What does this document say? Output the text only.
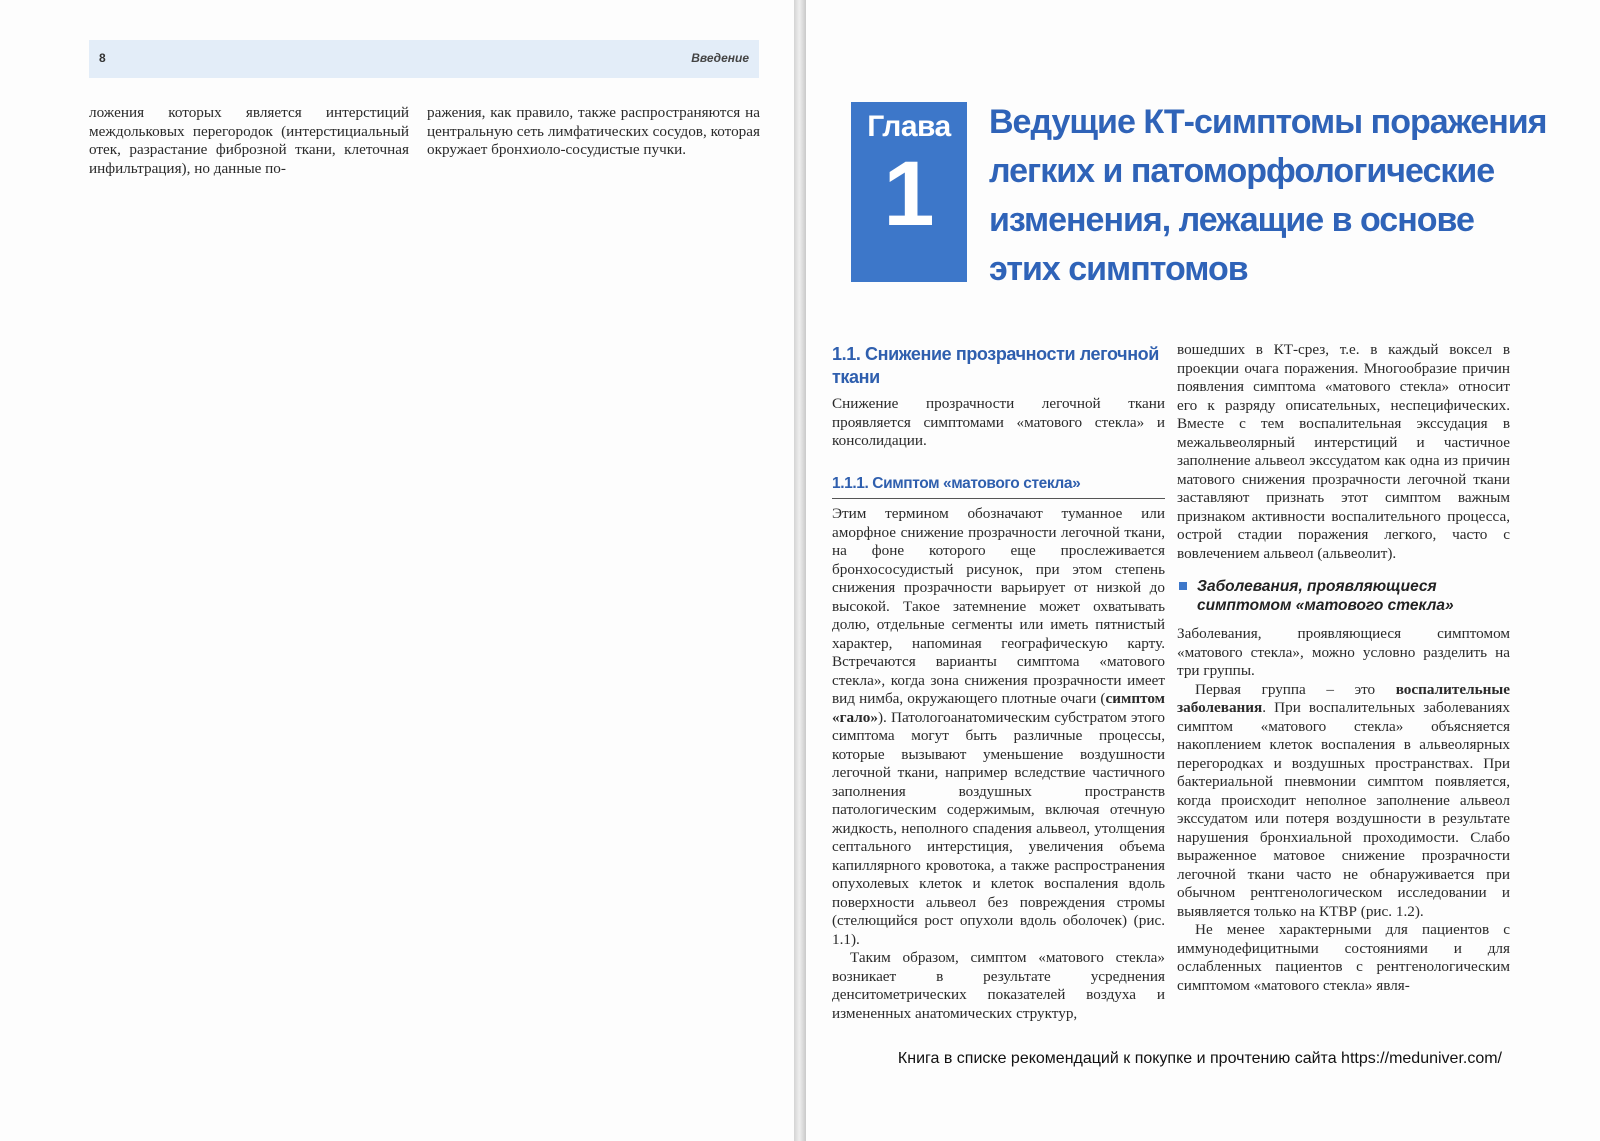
8	Введение

ложения которых является интерстиций междольковых перегородок (интерстициальный отек, разрастание фиброзной ткани, клеточная инфильтрация), но данные по-

ражения, как правило, также распространяются на центральную сеть лимфатических сосудов, которая окружает бронхиоло-сосудистые пучки.

Глава
1
Ведущие КТ-симптомы поражения легких и патоморфологические изменения, лежащие в основе этих симптомов
1.1. Снижение прозрачности легочной ткани

Снижение прозрачности легочной ткани проявляется симптомами «матового стекла» и консолидации.

1.1.1. Симптом «матового стекла»

Этим термином обозначают туманное или аморфное снижение прозрачности легочной ткани, на фоне которого еще прослеживается бронхососудистый рисунок, при этом степень снижения прозрачности варьирует от низкой до высокой. Такое затемнение может охватывать долю, отдельные сегменты или иметь пятнистый характер, напоминая географическую карту. Встречаются варианты симптома «матового стекла», когда зона снижения прозрачности имеет вид нимба, окружающего плотные очаги (симптом «гало»). Патологоанатомическим субстратом этого симптома могут быть различные процессы, которые вызывают уменьшение воздушности легочной ткани, например вследствие частичного заполнения воздушных пространств патологическим содержимым, включая отечную жидкость, неполного спадения альвеол, утолщения септального интерстиция, увеличения объема капиллярного кровотока, а также распространения опухолевых клеток и клеток воспаления вдоль поверхности альвеол без повреждения стромы (стелющийся рост опухоли вдоль оболочек) (рис. 1.1).

Таким образом, симптом «матового стекла» возникает в результате усреднения денситометрических показателей воздуха и измененных анатомических структур,

вошедших в КТ-срез, т.е. в каждый воксел в проекции очага поражения. Многообразие причин появления симптома «матового стекла» относит его к разряду описательных, неспецифических. Вместе с тем воспалительная экссудация в межальвеолярный интерстиций и частичное заполнение альвеол экссудатом как одна из причин матового снижения прозрачности легочной ткани заставляют признать этот симптом важным признаком активности воспалительного процесса, острой стадии поражения легкого, часто с вовлечением альвеол (альвеолит).

Заболевания, проявляющиеся симптомом «матового стекла»

Заболевания, проявляющиеся симптомом «матового стекла», можно условно разделить на три группы.

Первая группа – это воспалительные заболевания. При воспалительных заболеваниях симптом «матового стекла» объясняется накоплением клеток воспаления в альвеолярных перегородках и воздушных пространствах. При бактериальной пневмонии симптом появляется, когда происходит неполное заполнение альвеол экссудатом или потеря воздушности в результате нарушения бронхиальной проходимости. Слабо выраженное матовое снижение прозрачности легочной ткани часто не обнаруживается при обычном рентгенологическом исследовании и выявляется только на КТВР (рис. 1.2).

Не менее характерными для пациентов с иммунодефицитными состояниями и для ослабленных пациентов с рентгенологическим симптомом «матового стекла» явля-

Книга в списке рекомендаций к покупке и прочтению сайта https://meduniver.com/
